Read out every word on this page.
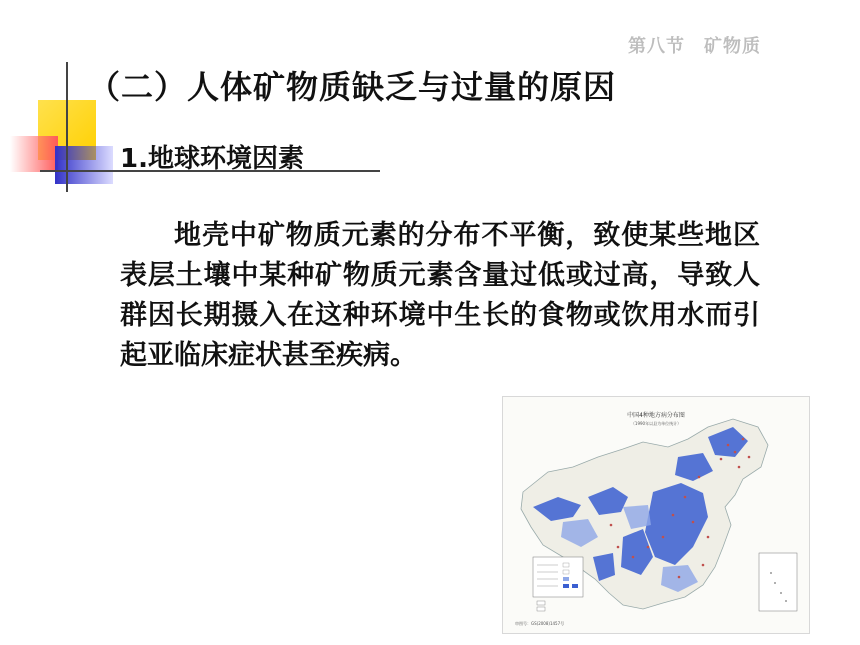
第八节　矿物质
（二）人体矿物质缺乏与过量的原因
1.地球环境因素
地壳中矿物质元素的分布不平衡，致使某些地区表层土壤中某种矿物质元素含量过低或过高，导致人群因长期摄入在这种环境中生长的食物或饮用水而引起亚临床症状甚至疾病。
中国4种地方病分布图
（1990年以县为单位统计）
审图号：GS(2008)1457号
